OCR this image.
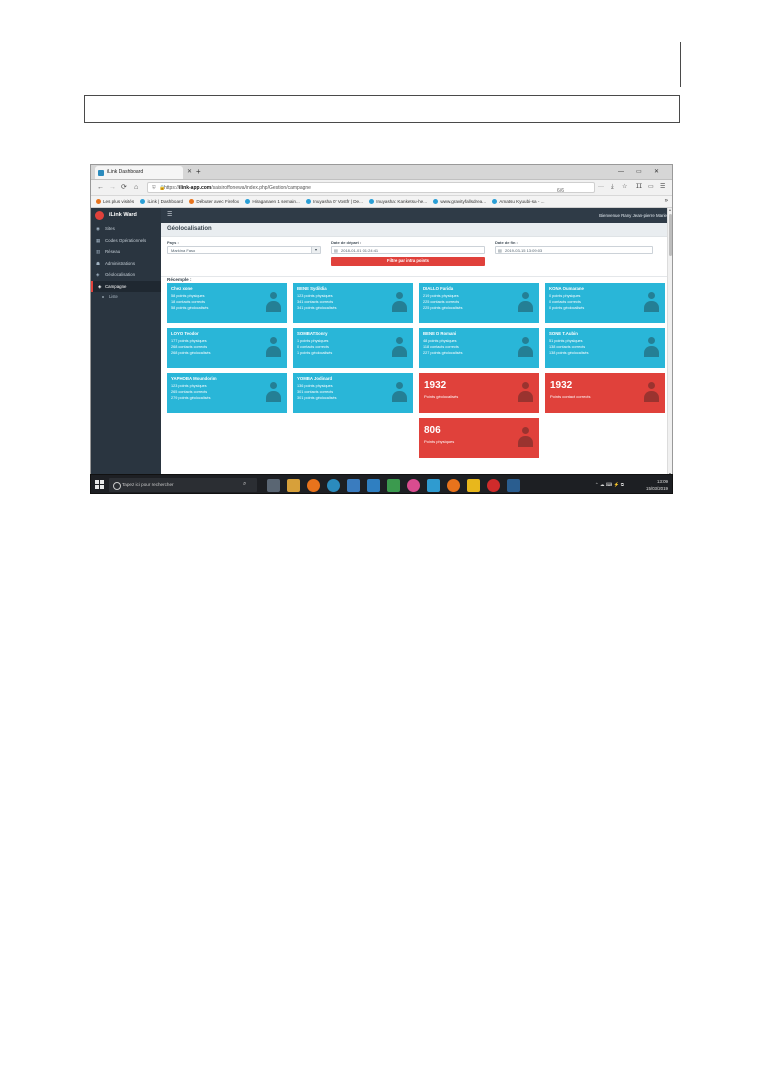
iLink Dashboard	✕ +	— ▭ ✕
← → ⟳ ⌂	⛨ 🔒
https://ilink-app.com/saisiroffonewa/index.php/Gestion/campagne	6/6
··· ⤓ ☆ ⵊⵊ ▭ ☰
Les plus visités	iLink | Dashboard	Débuter avec Firefox	Hiraganaen 1 semain...	Inuyasha 0' Vostfr | De...	Inuyasha: Kanketsu-he...	www.gravityfallsdrea...	Amatsu Kyuubi-sa - ...	»
iLink Ward	☰	Bienvenue Rany Jean-pierre Marie
◉ Sites
▦ Codes Opérationnels
▥ Réseau
☗ Administrations
◈	Géolocalisation
◈ Campagne
Liste
Géolocalisation
Pays :
Markina Faso	▾
Date de départ :
▤ 2018-01-01 01:24:41
Date de fin :
▤ 2019-03-15 13:09:03
Filtre par intra points
Récemple :
Chez xone
58 points physiques
18 contacts corrects
58 points géolocalisés
BENE Sydildia
123 points physiques
341 contacts corrects
341 points géolocalisés
DIALLO Farida
219 points physiques
225 contacts corrects
225 points géolocalisés
KONA Oumarane
0 points physiques
0 contacts corrects
0 points géolocalisés
LOYO Teodor
177 points physiques
268 contacts corrects
268 points géolocalisés
SOMBATSonry
1 points physiques
0 contacts corrects
1 points géolocalisés
BENE D Romani
48 points physiques
118 contacts corrects
227 points géolocalisés
SONE T.Aubin
51 points physiques
138 contacts corrects
138 points géolocalisés
YAPHOBA Moundorim
123 points physiques
265 contacts corrects
279 points géolocalisés
YOMBA Jodinard
136 points physiques
301 contacts corrects
301 points géolocalisés
1932
Points géolocalisés
1932
Points contact corrects
806
Points physiques
▲
Tapez ici pour rechercher	⌕	⌃ ☁ ⌨ ⚡ ⧉
13:09
15/03/2019
